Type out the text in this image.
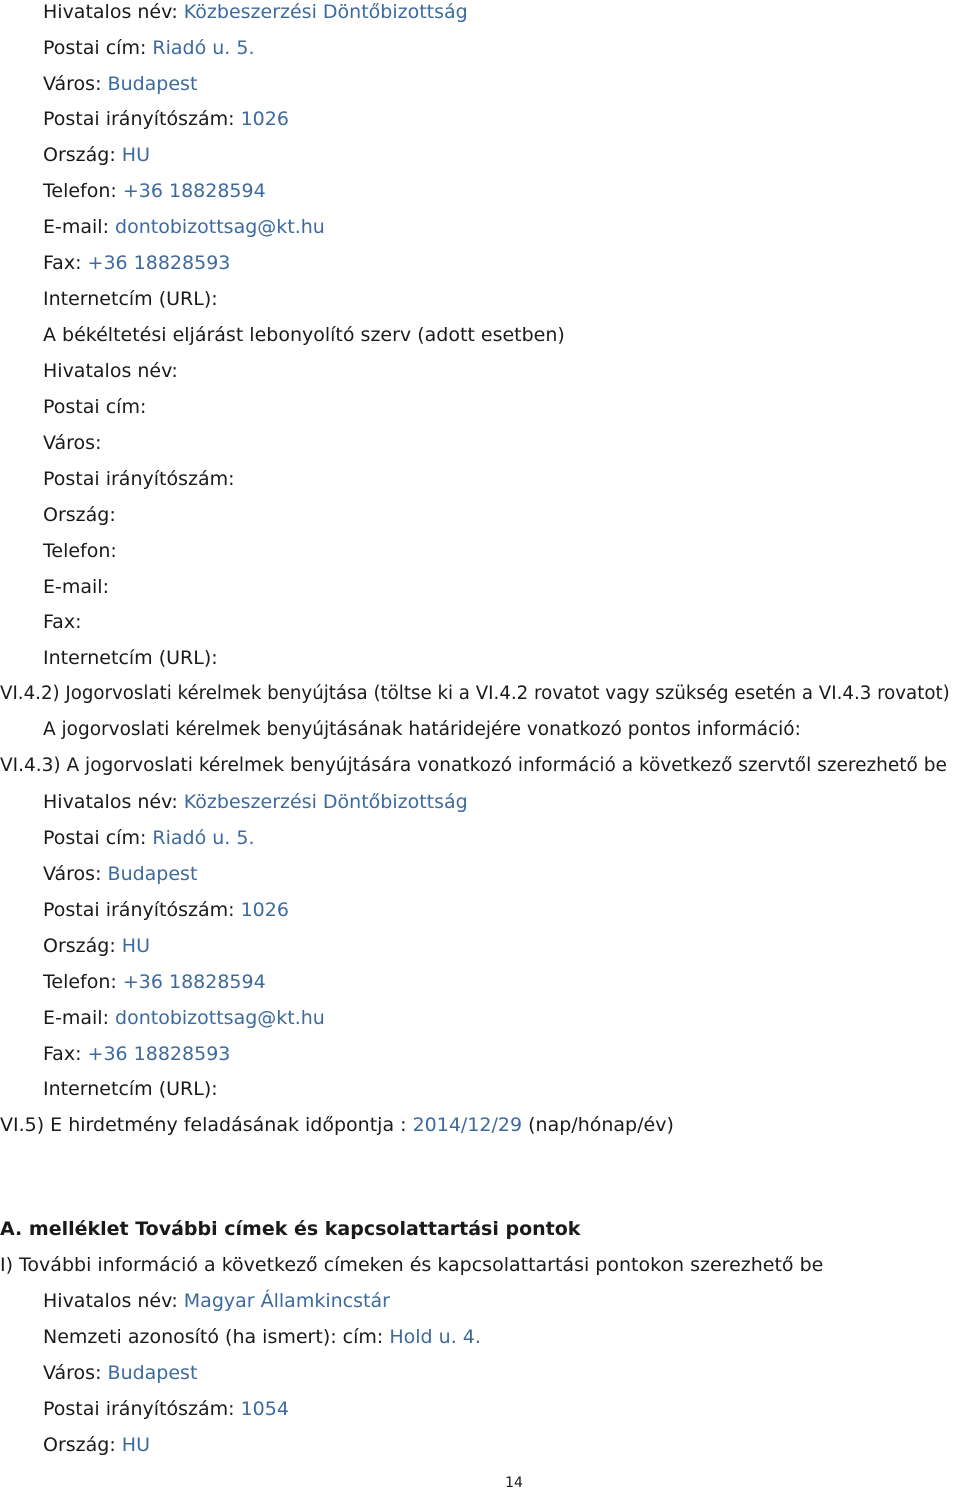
Hivatalos név: Közbeszerzési Döntőbizottság
Postai cím: Riadó u. 5.
Város: Budapest
Postai irányítószám: 1026
Ország: HU
Telefon: +36 18828594
E-mail: dontobizottsag@kt.hu
Fax: +36 18828593
Internetcím (URL):
A békéltetési eljárást lebonyolító szerv (adott esetben)
Hivatalos név:
Postai cím:
Város:
Postai irányítószám:
Ország:
Telefon:
E-mail:
Fax:
Internetcím (URL):
VI.4.2) Jogorvoslati kérelmek benyújtása (töltse ki a VI.4.2 rovatot vagy szükség esetén a VI.4.3 rovatot)
A jogorvoslati kérelmek benyújtásának határidejére vonatkozó pontos információ:
VI.4.3) A jogorvoslati kérelmek benyújtására vonatkozó információ a következő szervtől szerezhető be
Hivatalos név: Közbeszerzési Döntőbizottság
Postai cím: Riadó u. 5.
Város: Budapest
Postai irányítószám: 1026
Ország: HU
Telefon: +36 18828594
E-mail: dontobizottsag@kt.hu
Fax: +36 18828593
Internetcím (URL):
VI.5) E hirdetmény feladásának időpontja : 2014/12/29 (nap/hónap/év)
A. melléklet További címek és kapcsolattartási pontok
I) További információ a következő címeken és kapcsolattartási pontokon szerezhető be
Hivatalos név: Magyar Államkincstár
Nemzeti azonosító (ha ismert): cím: Hold u. 4.
Város: Budapest
Postai irányítószám: 1054
Ország: HU
14
